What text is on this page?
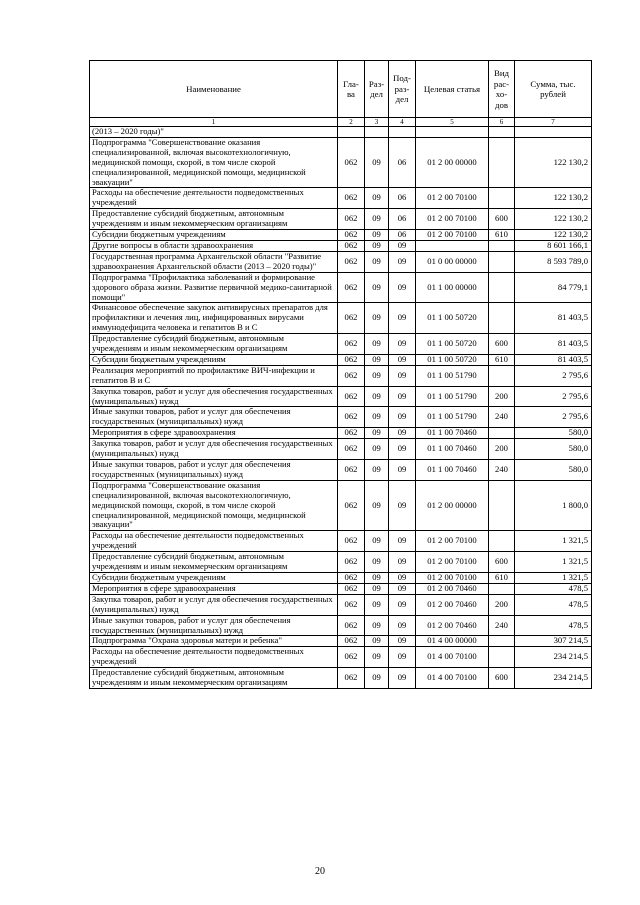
Наименование	Гла-ва	Раз-дел	Под-раз-дел	Целевая статья	Вид рас-хо-дов	Сумма, тыс. рублей
1	2	3	4	5	6	7
(2013 – 2020 годы)"						
Подпрограмма "Совершенствование оказания специализированной, включая высокотехнологичную, медицинской помощи, скорой, в том числе скорой специализированной, медицинской помощи, медицинской эвакуации"	062	09	06	01 2 00 00000		122 130,2
Расходы на обеспечение деятельности подведомственных учреждений	062	09	06	01 2 00 70100		122 130,2
Предоставление субсидий бюджетным, автономным учреждениям и иным некоммерческим организациям	062	09	06	01 2 00 70100	600	122 130,2
Субсидии бюджетным учреждениям	062	09	06	01 2 00 70100	610	122 130,2
Другие вопросы в области здравоохранения	062	09	09			8 601 166,1
Государственная программа Архангельской области "Развитие здравоохранения Архангельской области (2013 – 2020 годы)"	062	09	09	01 0 00 00000		8 593 789,0
Подпрограмма "Профилактика заболеваний и формирование здорового образа жизни. Развитие первичной медико-санитарной помощи"	062	09	09	01 1 00 00000		84 779,1
Финансовое обеспечение закупок антивирусных препаратов для профилактики и лечения лиц, инфицированных вирусами иммунодефицита человека и гепатитов В и С	062	09	09	01 1 00 50720		81 403,5
Предоставление субсидий бюджетным, автономным учреждениям и иным некоммерческим организациям	062	09	09	01 1 00 50720	600	81 403,5
Субсидии бюджетным учреждениям	062	09	09	01 1 00 50720	610	81 403,5
Реализация мероприятий по профилактике ВИЧ-инфекции и гепатитов В и С	062	09	09	01 1 00 51790		2 795,6
Закупка товаров, работ и услуг для обеспечения государственных (муниципальных) нужд	062	09	09	01 1 00 51790	200	2 795,6
Иные закупки товаров, работ и услуг для обеспечения государственных (муниципальных) нужд	062	09	09	01 1 00 51790	240	2 795,6
Мероприятия в сфере здравоохранения	062	09	09	01 1 00 70460		580,0
Закупка товаров, работ и услуг для обеспечения государственных (муниципальных) нужд	062	09	09	01 1 00 70460	200	580,0
Иные закупки товаров, работ и услуг для обеспечения государственных (муниципальных) нужд	062	09	09	01 1 00 70460	240	580,0
Подпрограмма "Совершенствование оказания специализированной, включая высокотехнологичную, медицинской помощи, скорой, в том числе скорой специализированной, медицинской помощи, медицинской эвакуации"	062	09	09	01 2 00 00000		1 800,0
Расходы на обеспечение деятельности подведомственных учреждений	062	09	09	01 2 00 70100		1 321,5
Предоставление субсидий бюджетным, автономным учреждениям и иным некоммерческим организациям	062	09	09	01 2 00 70100	600	1 321,5
Субсидии бюджетным учреждениям	062	09	09	01 2 00 70100	610	1 321,5
Мероприятия в сфере здравоохранения	062	09	09	01 2 00 70460		478,5
Закупка товаров, работ и услуг для обеспечения государственных (муниципальных) нужд	062	09	09	01 2 00 70460	200	478,5
Иные закупки товаров, работ и услуг для обеспечения государственных (муниципальных) нужд	062	09	09	01 2 00 70460	240	478,5
Подпрограмма "Охрана здоровья матери и ребенка"	062	09	09	01 4 00 00000		307 214,5
Расходы на обеспечение деятельности подведомственных учреждений	062	09	09	01 4 00 70100		234 214,5
Предоставление субсидий бюджетным, автономным учреждениям и иным некоммерческим организациям	062	09	09	01 4 00 70100	600	234 214,5
20
